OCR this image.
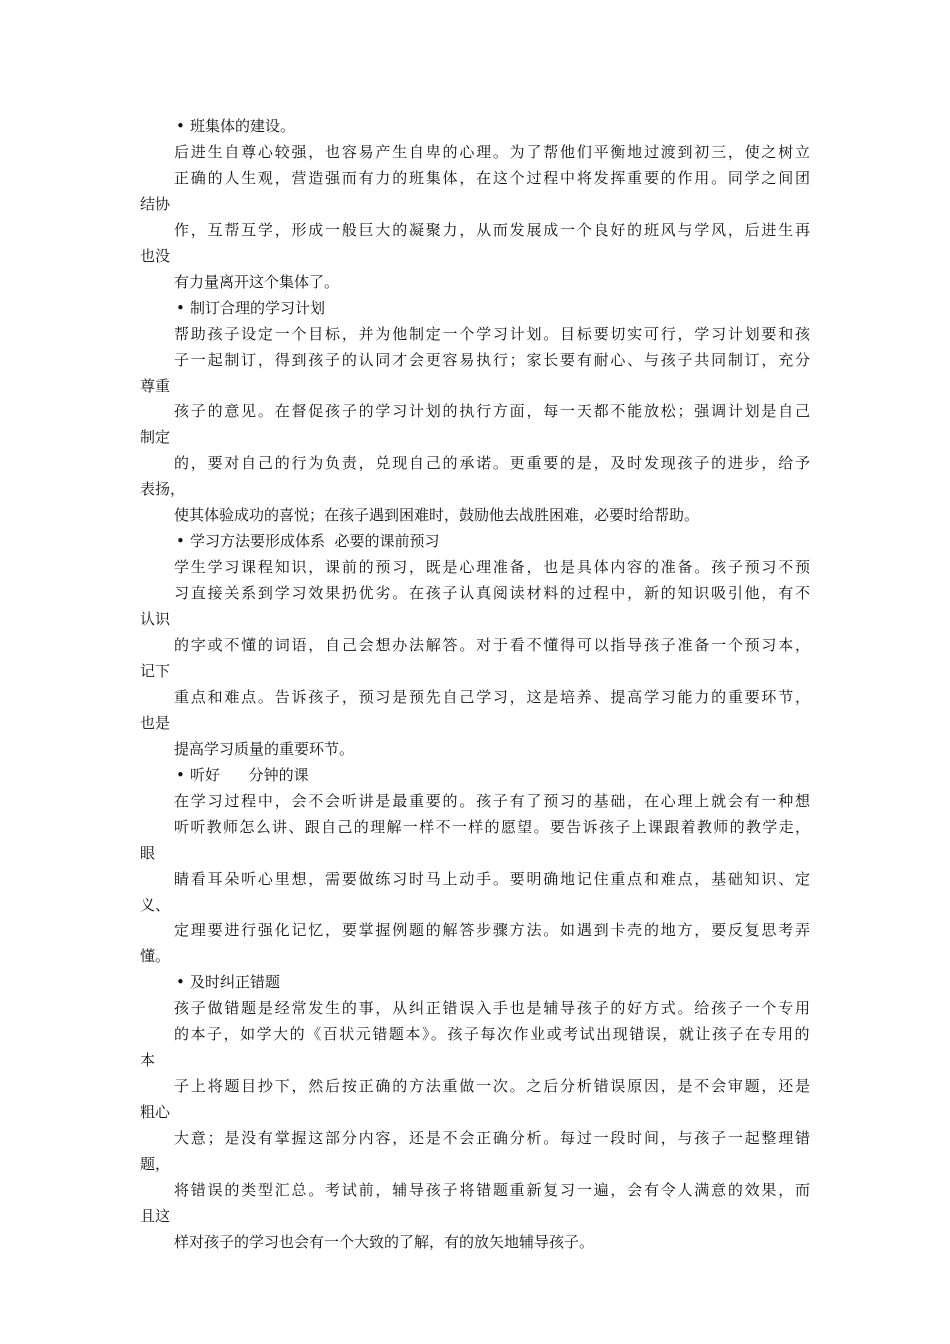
• 班集体的建设。
后进生自尊心较强，也容易产生自卑的心理。为了帮他们平衡地过渡到初三，使之树立
正确的人生观，营造强而有力的班集体，在这个过程中将发挥重要的作用。同学之间团
结协
作，互帮互学，形成一般巨大的凝聚力，从而发展成一个良好的班风与学风，后进生再
也没
有力量离开这个集体了。
• 制订合理的学习计划
帮助孩子设定一个目标，并为他制定一个学习计划。目标要切实可行，学习计划要和孩
子一起制订，得到孩子的认同才会更容易执行；家长要有耐心、与孩子共同制订，充分
尊重
孩子的意见。在督促孩子的学习计划的执行方面，每一天都不能放松；强调计划是自己
制定
的，要对自己的行为负责，兑现自己的承诺。更重要的是，及时发现孩子的进步，给予
表扬，
使其体验成功的喜悦；在孩子遇到困难时，鼓励他去战胜困难，必要时给帮助。
• 学习方法要形成体系  必要的课前预习
学生学习课程知识，课前的预习，既是心理准备，也是具体内容的准备。孩子预习不预
习直接关系到学习效果扔优劣。在孩子认真阅读材料的过程中，新的知识吸引他，有不
认识
的字或不懂的词语，自己会想办法解答。对于看不懂得可以指导孩子准备一个预习本，
记下
重点和难点。告诉孩子，预习是预先自己学习，这是培养、提高学习能力的重要环节，
也是
提高学习质量的重要环节。
• 听好      分钟的课
在学习过程中，会不会听讲是最重要的。孩子有了预习的基础，在心理上就会有一种想
听听教师怎么讲、跟自己的理解一样不一样的愿望。要告诉孩子上课跟着教师的教学走，
眼
睛看耳朵听心里想，需要做练习时马上动手。要明确地记住重点和难点，基础知识、定
义、
定理要进行强化记忆，要掌握例题的解答步骤方法。如遇到卡壳的地方，要反复思考弄
懂。
• 及时纠正错题
孩子做错题是经常发生的事，从纠正错误入手也是辅导孩子的好方式。给孩子一个专用
的本子，如学大的《百状元错题本》。孩子每次作业或考试出现错误，就让孩子在专用的
本
子上将题目抄下，然后按正确的方法重做一次。之后分析错误原因，是不会审题，还是
粗心
大意；是没有掌握这部分内容，还是不会正确分析。每过一段时间，与孩子一起整理错
题，
将错误的类型汇总。考试前，辅导孩子将错题重新复习一遍，会有令人满意的效果，而
且这
样对孩子的学习也会有一个大致的了解，有的放矢地辅导孩子。
